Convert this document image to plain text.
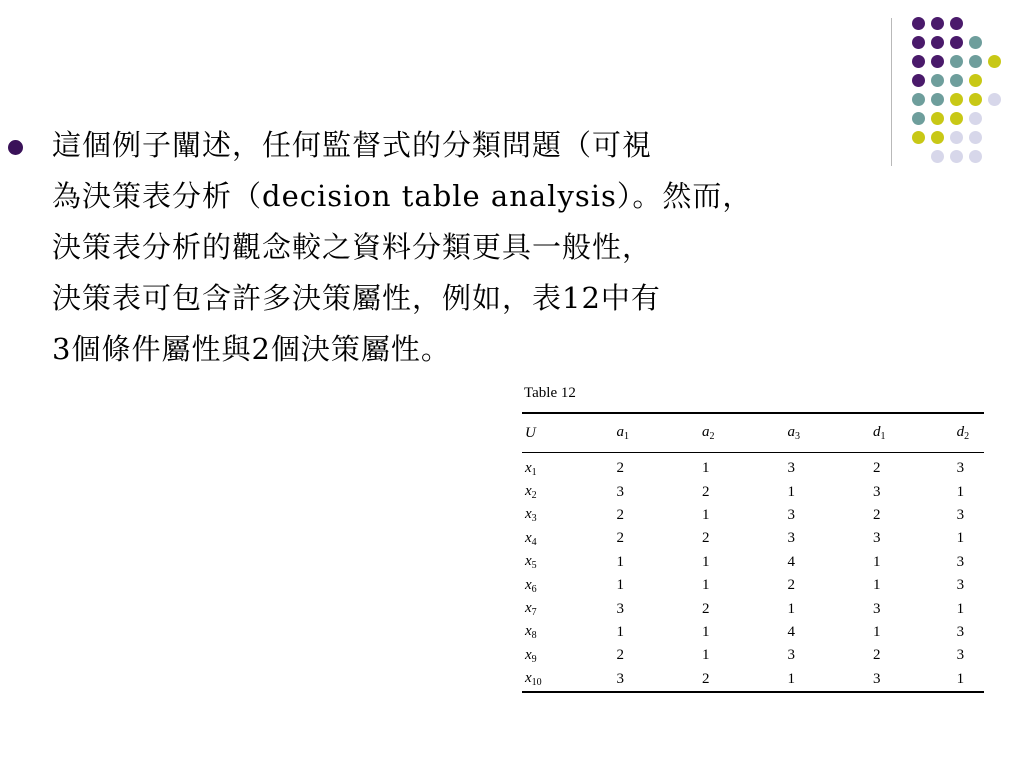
這個例子闡述，任何監督式的分類問題（可視
為決策表分析（decision table analysis）。然而，
決策表分析的觀念較之資料分類更具一般性，
決策表可包含許多決策屬性，例如，表12中有
3個條件屬性與2個決策屬性。

Table 12
U	$a_1$	$a_2$	$a_3$	$d_1$	$d_2$
$x_1$	2	1	3	2	3
$x_2$	3	2	1	3	1
$x_3$	2	1	3	2	3
$x_4$	2	2	3	3	1
$x_5$	1	1	4	1	3
$x_6$	1	1	2	1	3
$x_7$	3	2	1	3	1
$x_8$	1	1	4	1	3
$x_9$	2	1	3	2	3
$x_{10}$	3	2	1	3	1
